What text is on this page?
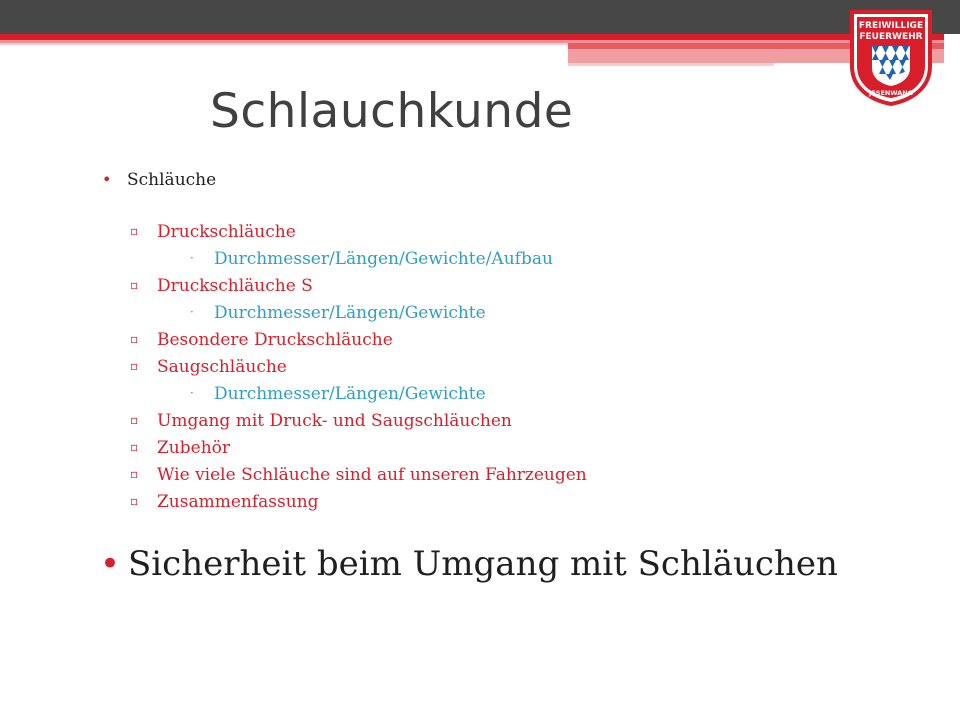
FREIWILLIGE
FEUERWEHR
JESENWANG
Schlauchkunde
• Schläuche
▫ Druckschläuche
· Durchmesser/Längen/Gewichte/Aufbau
▫ Druckschläuche S
· Durchmesser/Längen/Gewichte
▫ Besondere Druckschläuche
▫ Saugschläuche
· Durchmesser/Längen/Gewichte
▫ Umgang mit Druck- und Saugschläuchen
▫ Zubehör
▫ Wie viele Schläuche sind auf unseren Fahrzeugen
▫ Zusammenfassung
• Sicherheit beim Umgang mit Schläuchen
